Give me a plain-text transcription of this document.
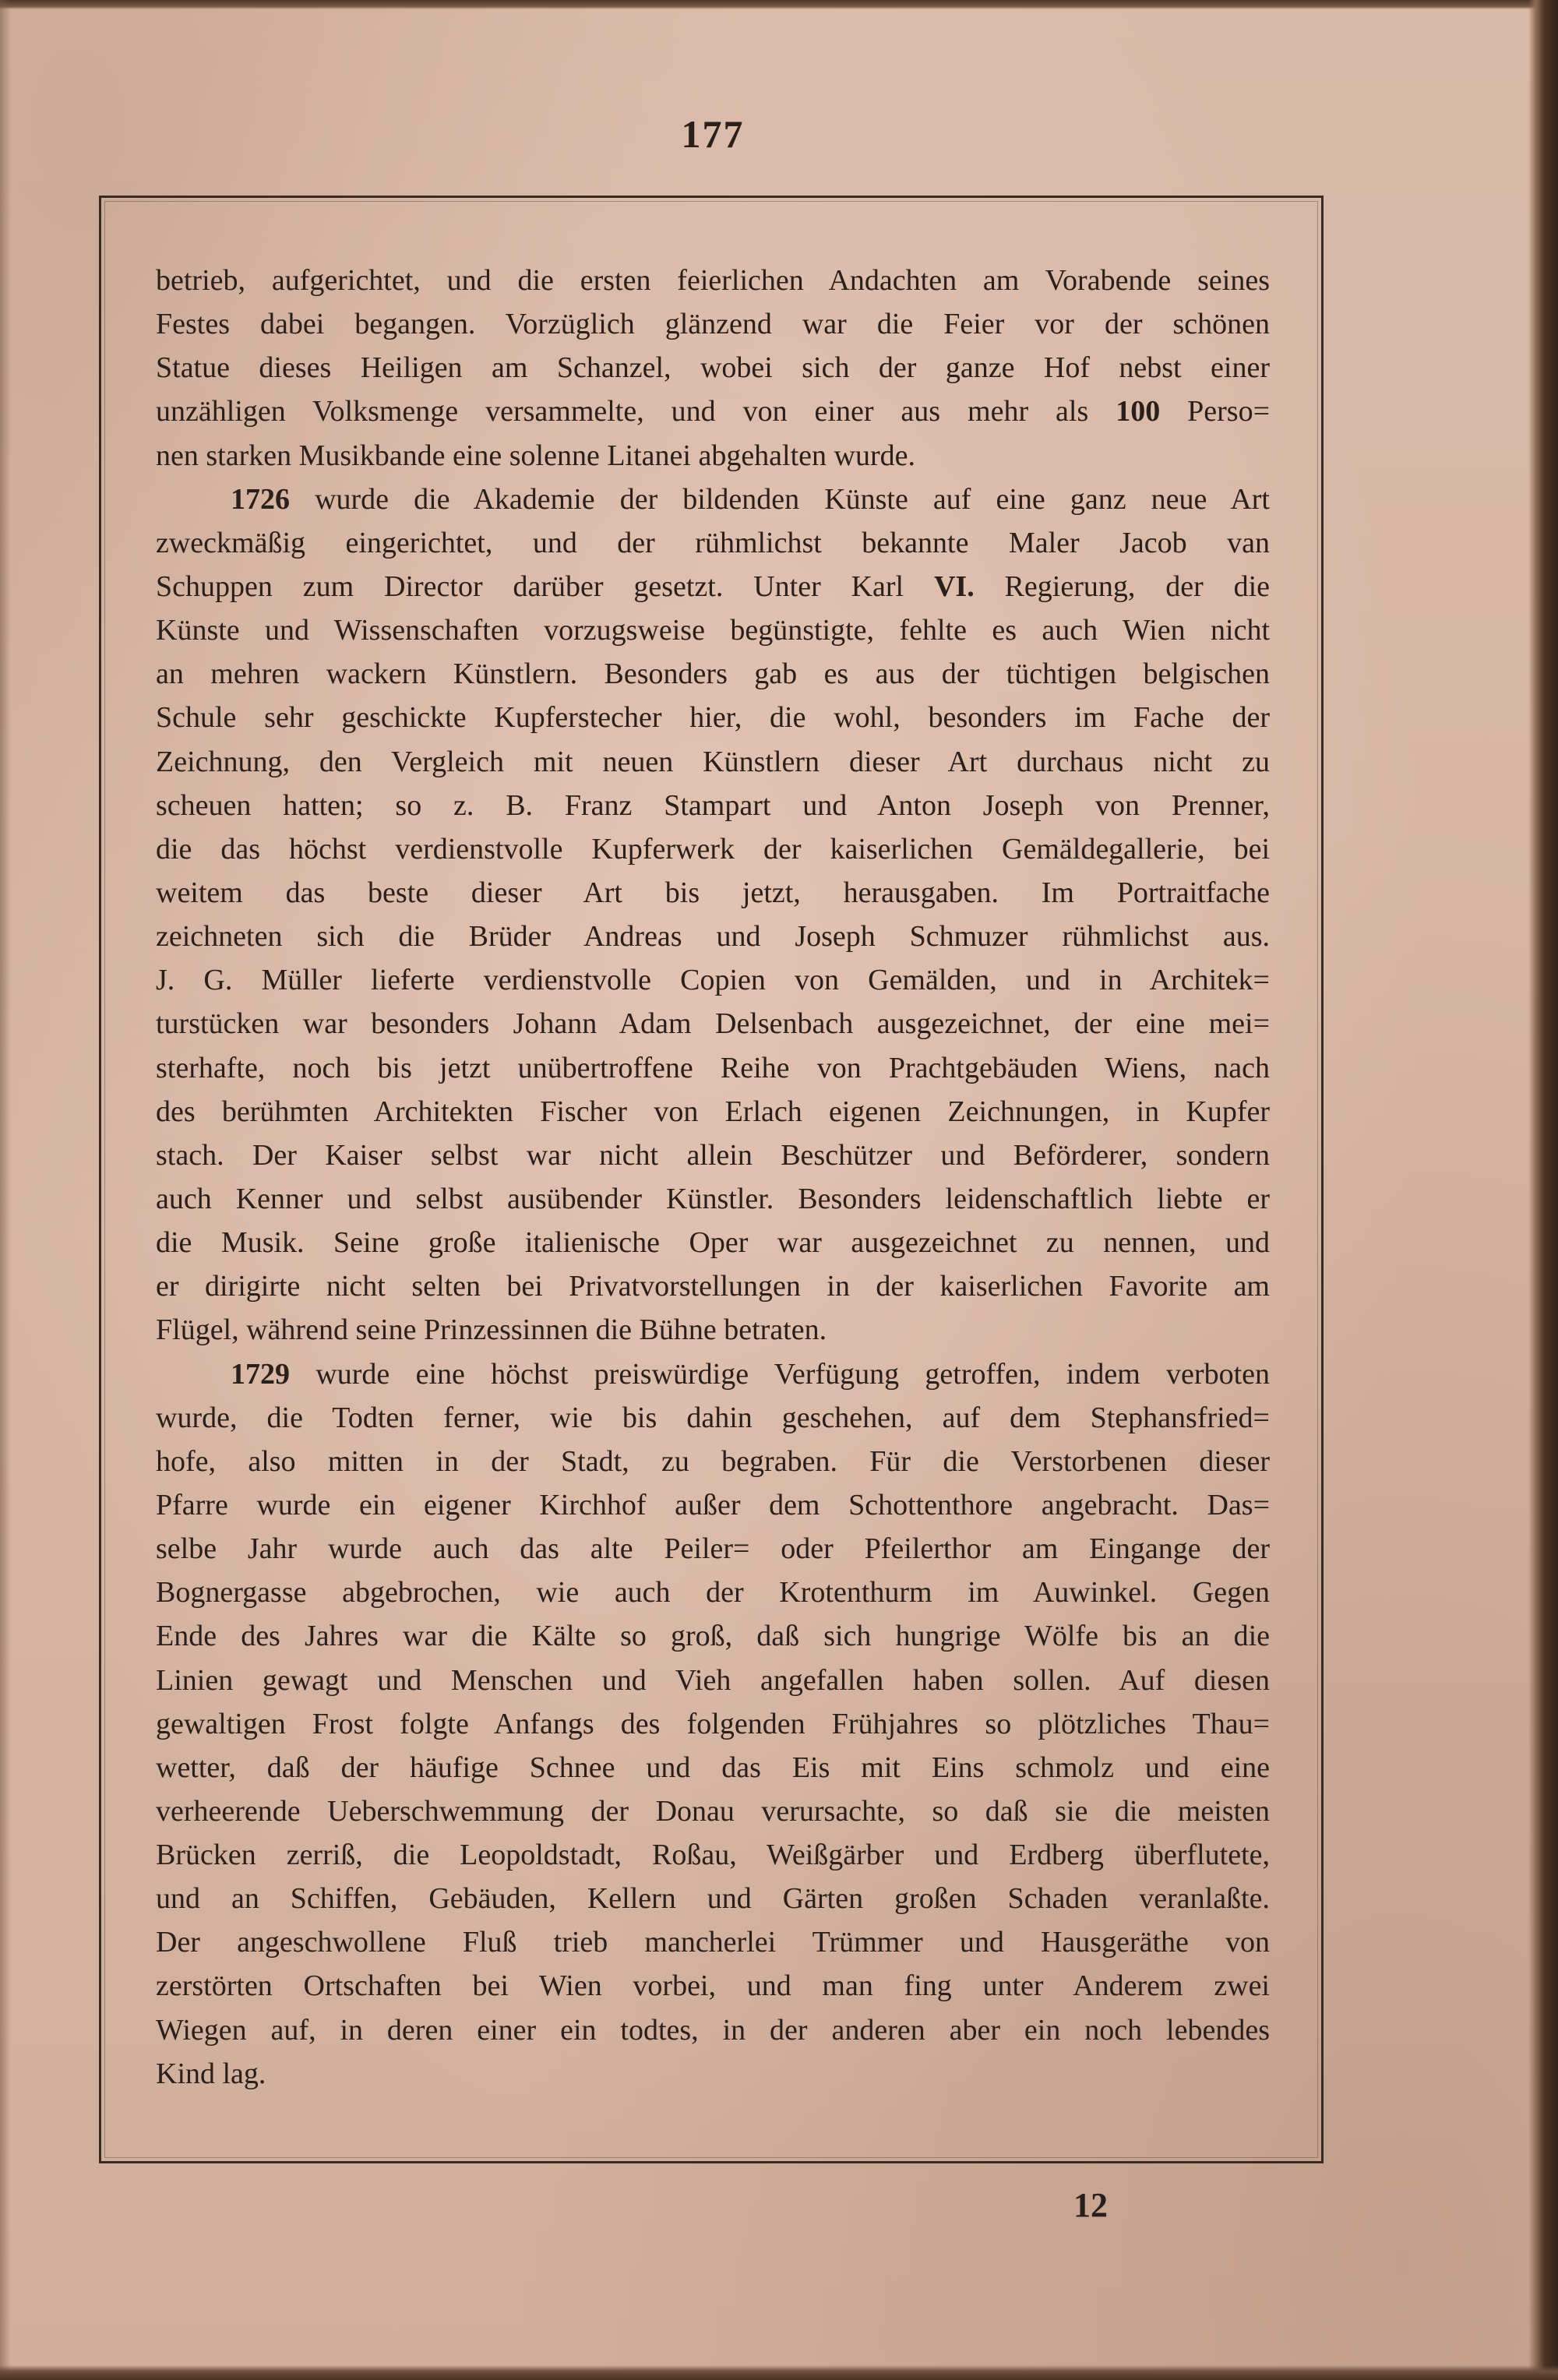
177
betrieb, aufgerichtet, und die ersten feierlichen Andachten am Vorabende seines
Festes dabei begangen. Vorzüglich glänzend war die Feier vor der schönen
Statue dieses Heiligen am Schanzel, wobei sich der ganze Hof nebst einer
unzähligen Volksmenge versammelte, und von einer aus mehr als 100 Perso=
nen starken Musikbande eine solenne Litanei abgehalten wurde.
1726 wurde die Akademie der bildenden Künste auf eine ganz neue Art
zweckmäßig eingerichtet, und der rühmlichst bekannte Maler Jacob van
Schuppen zum Director darüber gesetzt. Unter Karl VI. Regierung, der die
Künste und Wissenschaften vorzugsweise begünstigte, fehlte es auch Wien nicht
an mehren wackern Künstlern. Besonders gab es aus der tüchtigen belgischen
Schule sehr geschickte Kupferstecher hier, die wohl, besonders im Fache der
Zeichnung, den Vergleich mit neuen Künstlern dieser Art durchaus nicht zu
scheuen hatten; so z. B. Franz Stampart und Anton Joseph von Prenner,
die das höchst verdienstvolle Kupferwerk der kaiserlichen Gemäldegallerie, bei
weitem das beste dieser Art bis jetzt, herausgaben. Im Portraitfache
zeichneten sich die Brüder Andreas und Joseph Schmuzer rühmlichst aus.
J. G. Müller lieferte verdienstvolle Copien von Gemälden, und in Architek=
turstücken war besonders Johann Adam Delsenbach ausgezeichnet, der eine mei=
sterhafte, noch bis jetzt unübertroffene Reihe von Prachtgebäuden Wiens, nach
des berühmten Architekten Fischer von Erlach eigenen Zeichnungen, in Kupfer
stach. Der Kaiser selbst war nicht allein Beschützer und Beförderer, sondern
auch Kenner und selbst ausübender Künstler. Besonders leidenschaftlich liebte er
die Musik. Seine große italienische Oper war ausgezeichnet zu nennen, und
er dirigirte nicht selten bei Privatvorstellungen in der kaiserlichen Favorite am
Flügel, während seine Prinzessinnen die Bühne betraten.
1729 wurde eine höchst preiswürdige Verfügung getroffen, indem verboten
wurde, die Todten ferner, wie bis dahin geschehen, auf dem Stephansfried=
hofe, also mitten in der Stadt, zu begraben. Für die Verstorbenen dieser
Pfarre wurde ein eigener Kirchhof außer dem Schottenthore angebracht. Das=
selbe Jahr wurde auch das alte Peiler= oder Pfeilerthor am Eingange der
Bognergasse abgebrochen, wie auch der Krotenthurm im Auwinkel. Gegen
Ende des Jahres war die Kälte so groß, daß sich hungrige Wölfe bis an die
Linien gewagt und Menschen und Vieh angefallen haben sollen. Auf diesen
gewaltigen Frost folgte Anfangs des folgenden Frühjahres so plötzliches Thau=
wetter, daß der häufige Schnee und das Eis mit Eins schmolz und eine
verheerende Ueberschwemmung der Donau verursachte, so daß sie die meisten
Brücken zerriß, die Leopoldstadt, Roßau, Weißgärber und Erdberg überflutete,
und an Schiffen, Gebäuden, Kellern und Gärten großen Schaden veranlaßte.
Der angeschwollene Fluß trieb mancherlei Trümmer und Hausgeräthe von
zerstörten Ortschaften bei Wien vorbei, und man fing unter Anderem zwei
Wiegen auf, in deren einer ein todtes, in der anderen aber ein noch lebendes
Kind lag.
12
